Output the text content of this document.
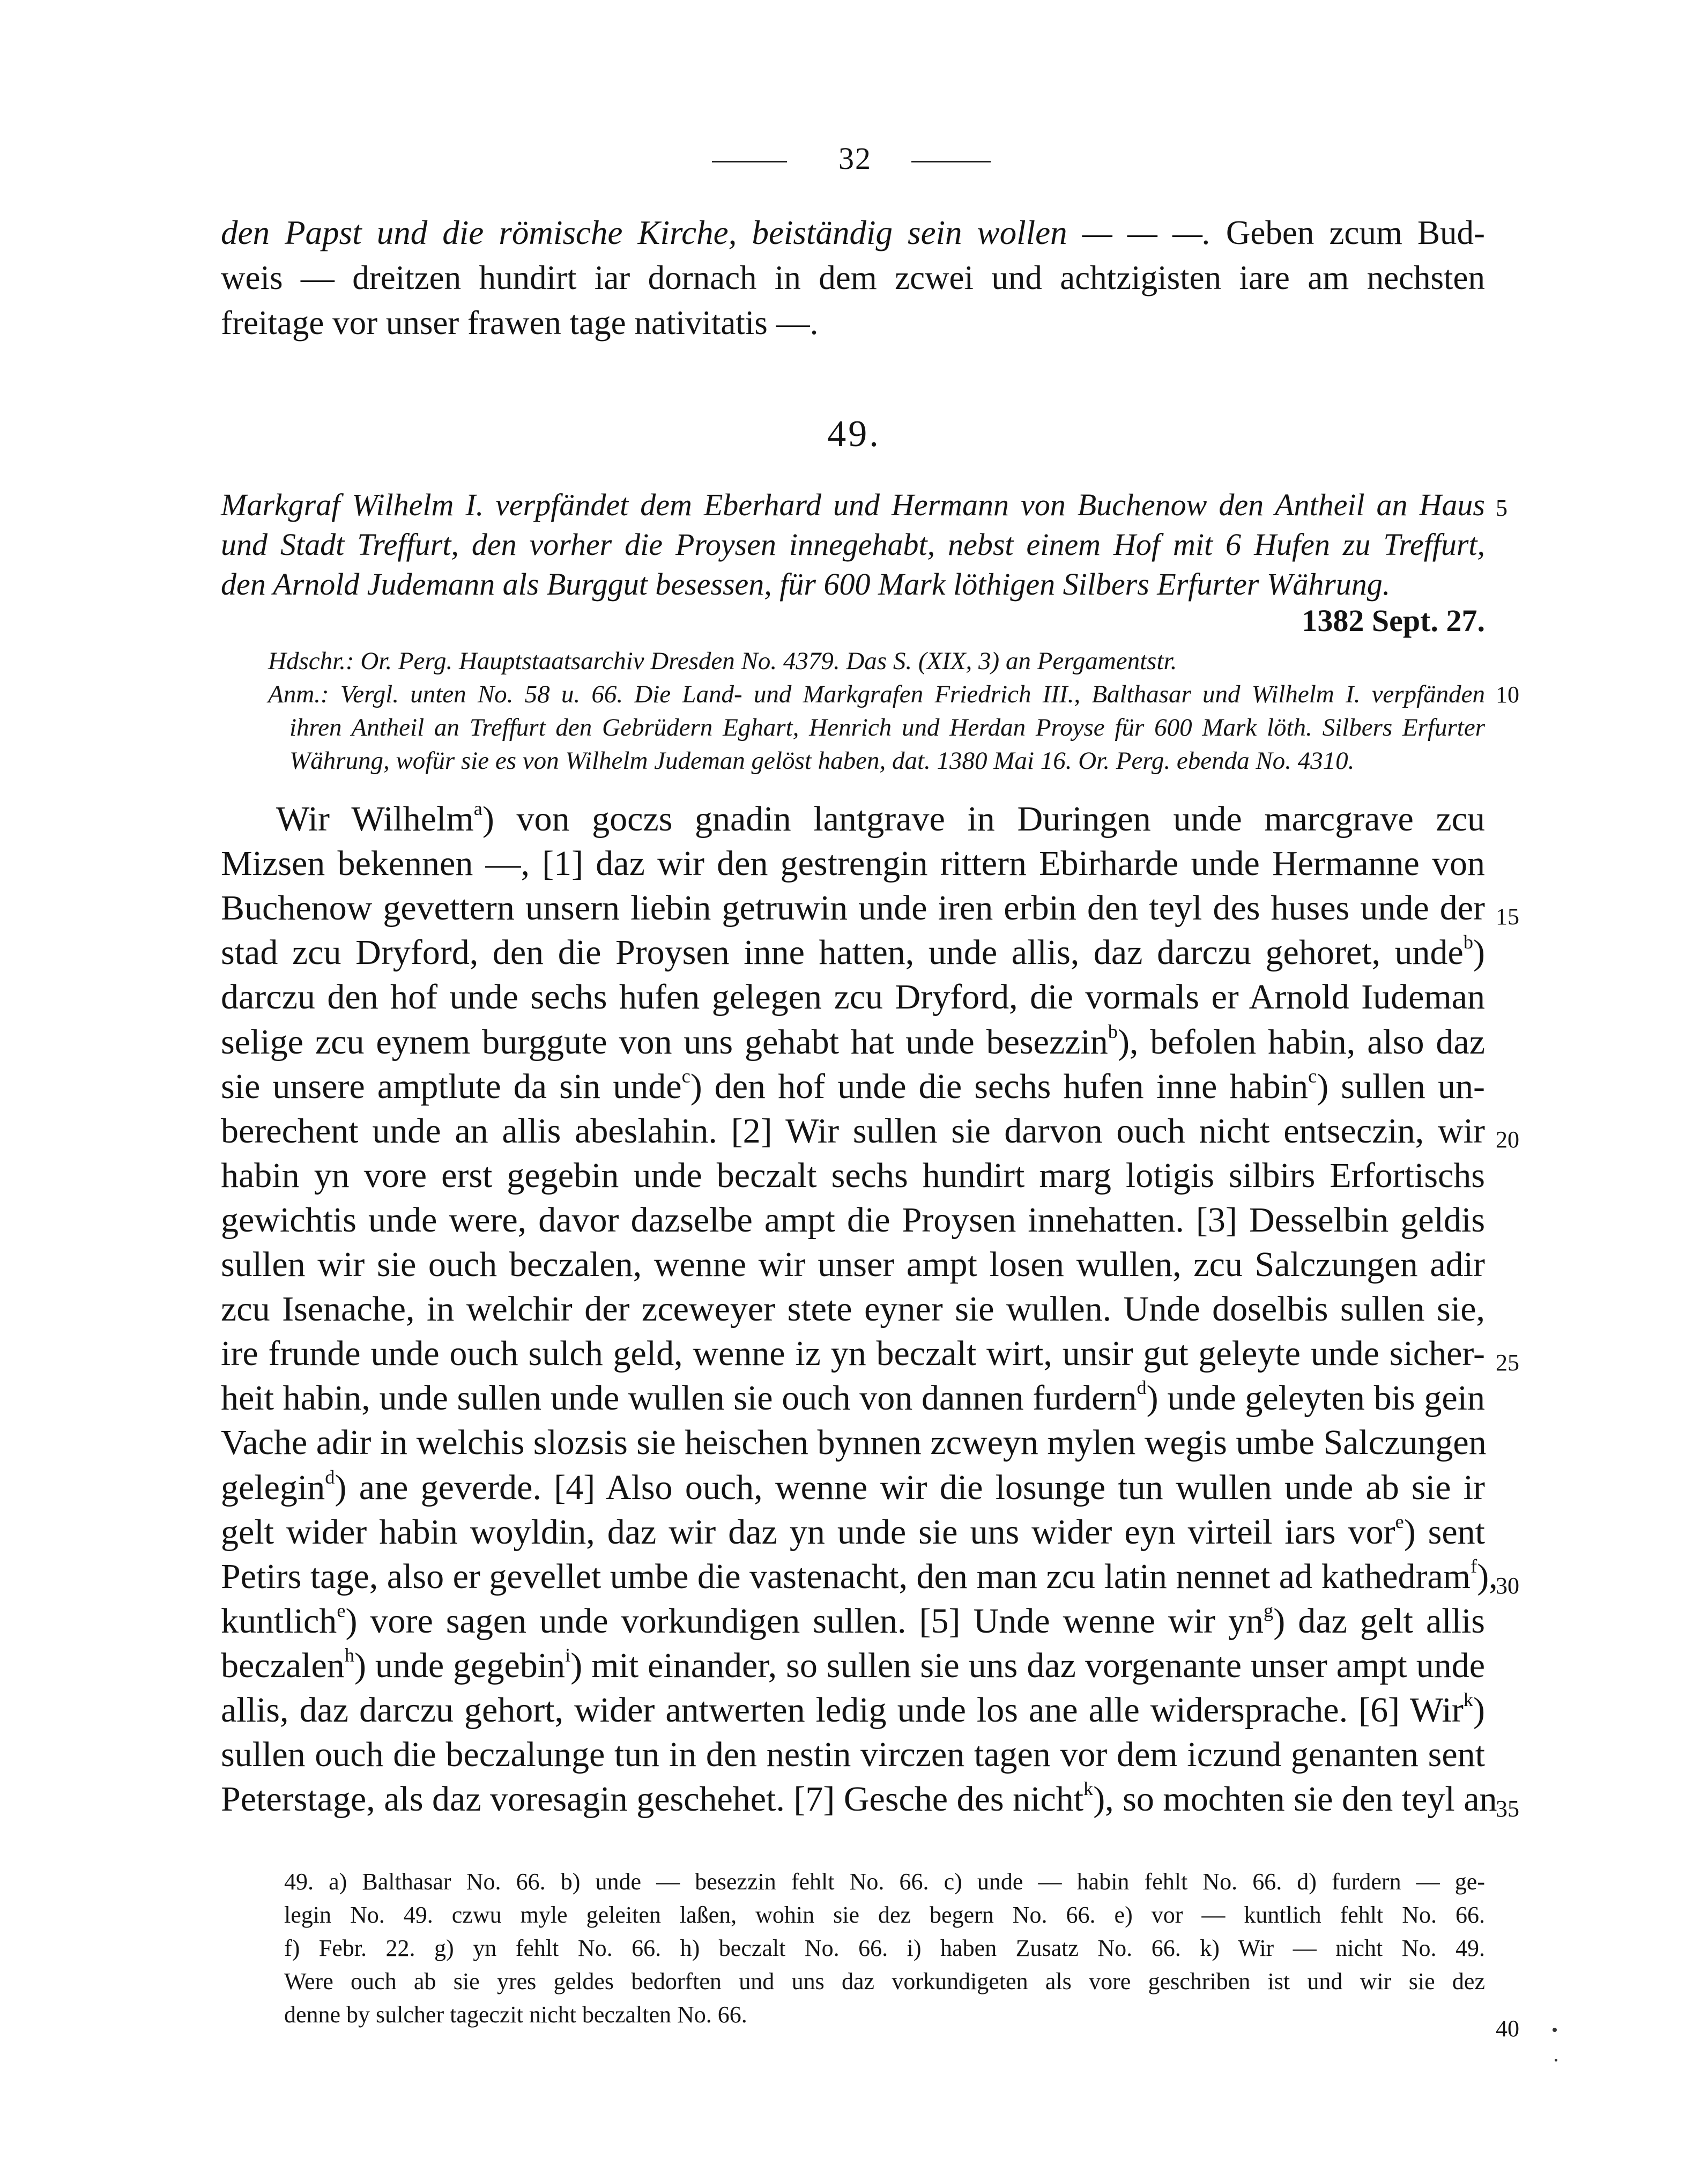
32
den Papst und die römische Kirche, beiständig sein wollen — — —. Geben zcum Bud-
weis — dreitzen hundirt iar dornach in dem zcwei und achtzigisten iare am nechsten
freitage vor unser frawen tage nativitatis —.
49.
Markgraf Wilhelm I. verpfändet dem Eberhard und Hermann von Buchenow den Antheil an Haus
und Stadt Treffurt, den vorher die Proysen innegehabt, nebst einem Hof mit 6 Hufen zu Treffurt,
den Arnold Judemann als Burggut besessen, für 600 Mark löthigen Silbers Erfurter Währung.
1382 Sept. 27.
Hdschr.: Or. Perg. Hauptstaatsarchiv Dresden No. 4379. Das S. (XIX, 3) an Pergamentstr.
Anm.: Vergl. unten No. 58 u. 66. Die Land- und Markgrafen Friedrich III., Balthasar und Wilhelm I. verpfänden
ihren Antheil an Treffurt den Gebrüdern Eghart, Henrich und Herdan Proyse für 600 Mark löth. Silbers Erfurter
Währung, wofür sie es von Wilhelm Judeman gelöst haben, dat. 1380 Mai 16. Or. Perg. ebenda No. 4310.
Wir Wilhelm$^a$) von goczs gnadin lantgrave in Duringen unde marcgrave zcu
Mizsen bekennen —, [1] daz wir den gestrengin rittern Ebirharde unde Hermanne von
Buchenow gevettern unsern liebin getruwin unde iren erbin den teyl des huses unde der
stad zcu Dryford, den die Proysen inne hatten, unde allis, daz darczu gehoret, unde$^b$)
darczu den hof unde sechs hufen gelegen zcu Dryford, die vormals er Arnold Iudeman
selige zcu eynem burggute von uns gehabt hat unde besezzin$^b$), befolen habin, also daz
sie unsere amptlute da sin unde$^c$) den hof unde die sechs hufen inne habin$^c$) sullen un-
berechent unde an allis abeslahin. [2] Wir sullen sie darvon ouch nicht entseczin, wir
habin yn vore erst gegebin unde beczalt sechs hundirt marg lotigis silbirs Erfortischs
gewichtis unde were, davor dazselbe ampt die Proysen innehatten. [3] Desselbin geldis
sullen wir sie ouch beczalen, wenne wir unser ampt losen wullen, zcu Salczungen adir
zcu Isenache, in welchir der zceweyer stete eyner sie wullen. Unde doselbis sullen sie,
ire frunde unde ouch sulch geld, wenne iz yn beczalt wirt, unsir gut geleyte unde sicher-
heit habin, unde sullen unde wullen sie ouch von dannen furdern$^d$) unde geleyten bis gein
Vache adir in welchis slozsis sie heischen bynnen zcweyn mylen wegis umbe Salczungen
gelegin$^d$) ane geverde. [4] Also ouch, wenne wir die losunge tun wullen unde ab sie ir
gelt wider habin woyldin, daz wir daz yn unde sie uns wider eyn virteil iars vor$^e$) sent
Petirs tage, also er gevellet umbe die vastenacht, den man zcu latin nennet ad kathedram$^f$),
kuntlich$^e$) vore sagen unde vorkundigen sullen. [5] Unde wenne wir $yn^g$) daz gelt allis
beczalen$^h$) unde gegebin$^i$) mit einander, so sullen sie uns daz vorgenante unser ampt unde
allis, daz darczu gehort, wider antwerten ledig unde los ane alle widersprache. [6] Wir$^k$)
sullen ouch die beczalunge tun in den nestin virczen tagen vor dem iczund genanten sent
Peterstage, als daz voresagin geschehet. [7] Gesche des nicht$^k$), so mochten sie den teyl an
5
10
15
20
25
30
35
40
49. a) Balthasar No. 66. b) unde — besezzin fehlt No. 66. c) unde — habin fehlt No. 66. d) furdern — ge-
legin No. 49. czwu myle geleiten laßen, wohin sie dez begern No. 66. e) vor — kuntlich fehlt No. 66.
f) Febr. 22. g) yn fehlt No. 66. h) beczalt No. 66. i) haben Zusatz No. 66. k) Wir — nicht No. 49.
Were ouch ab sie yres geldes bedorften und uns daz vorkundigeten als vore geschriben ist und wir sie dez
denne by sulcher tageczit nicht beczalten No. 66.
